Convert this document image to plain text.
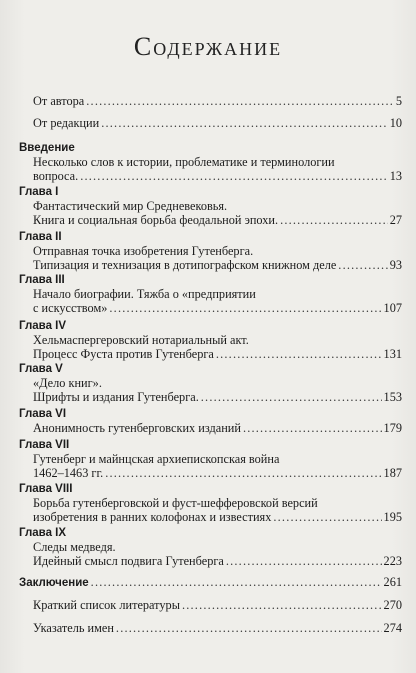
Содержание
От автора .....	5
От редакции .....	10
Введение
Несколько слов к истории, проблематике и терминологии
вопроса. .....	13
Глава I
Фантастический мир Средневековья.
Книга и социальная борьба феодальной эпохи. .....	27
Глава II
Отправная точка изобретения Гутенберга.
Типизация и технизация в дотипографском книжном деле .....	93
Глава III
Начало биографии. Тяжба о «предприятии
с искусством» .....	107
Глава IV
Хельмаспергеровский нотариальный акт.
Процесс Фуста против Гутенберга .....	131
Глава V
«Дело книг».
Шрифты и издания Гутенберга. .....	153
Глава VI
Анонимность гутенберговских изданий .....	179
Глава VII
Гутенберг и майнцская архиепископская война
1462–1463 гг. .....	187
Глава VIII
Борьба гутенберговской и фуст-шефферовской версий
изобретения в ранних колофонах и известиях .....	195
Глава IX
Следы медведя.
Идейный смысл подвига Гутенберга .....	223
Заключение .....	261
Краткий список литературы .....	270
Указатель имен .....	274
